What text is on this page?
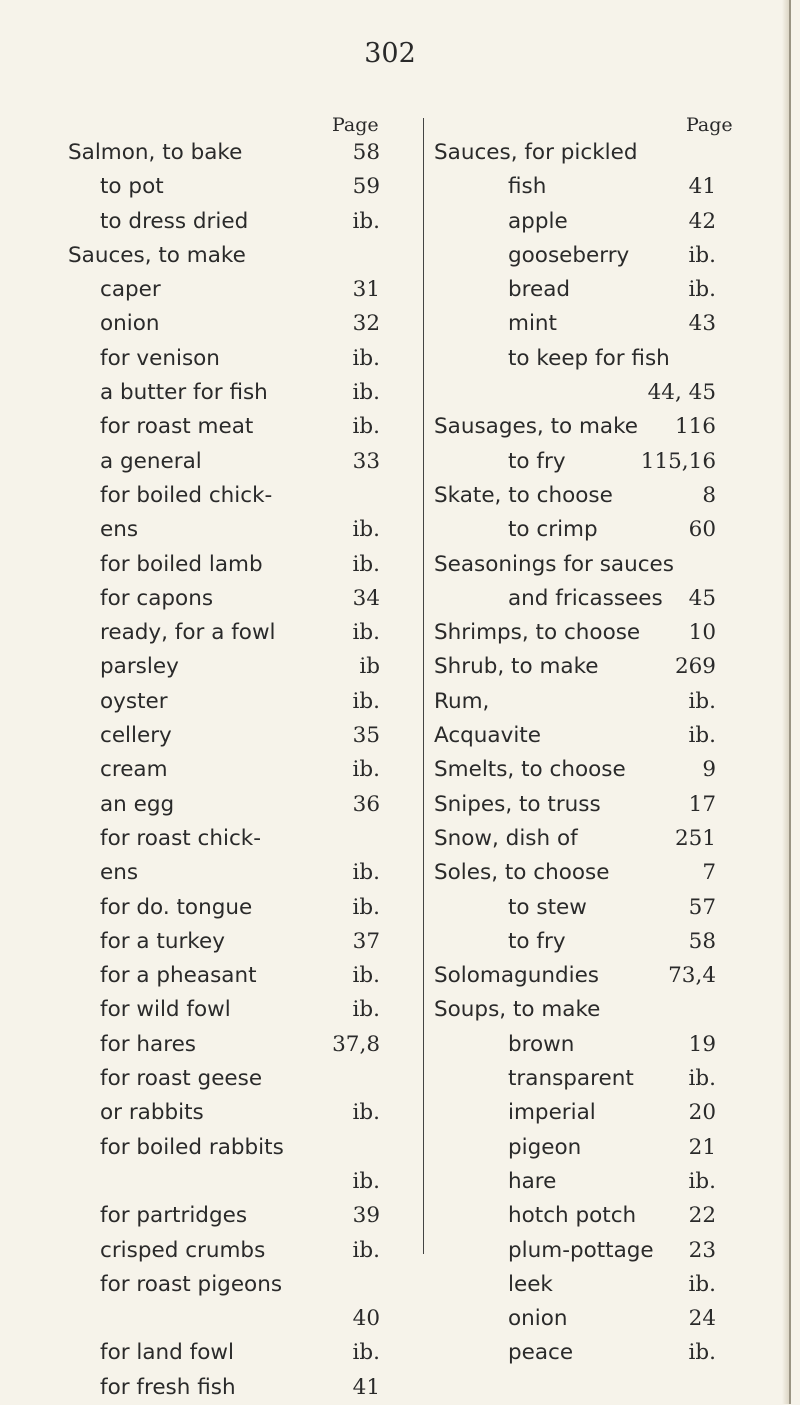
302
Page	Page
Salmon, to bake	58
to pot	59
to dress dried	ib.
Sauces, to make
caper	31
onion	32
for venison	ib.
a butter for fish	ib.
for roast meat	ib.
a general	33
for boiled chick-
ens	ib.
for boiled lamb	ib.
for capons	34
ready, for a fowl	ib.
parsley	ib
oyster	ib.
cellery	35
cream	ib.
an egg	36
for roast chick-
ens	ib.
for do. tongue	ib.
for a turkey	37
for a pheasant	ib.
for wild fowl	ib.
for hares	37,8
for roast geese
or rabbits	ib.
for boiled rabbits
ib.
for partridges	39
crisped crumbs	ib.
for roast pigeons
40
for land fowl	ib.
for fresh fish	41
Sauces, for pickled
fish	41
apple	42
gooseberry	ib.
bread	ib.
mint	43
to keep for fish
44, 45
Sausages, to make 116
to fry	115,16
Skate, to choose	8
to crimp	60
Seasonings for sauces
and fricassees 45
Shrimps, to choose 10
Shrub, to make	269
Rum,	ib.
Acquavite	ib.
Smelts, to choose	9
Snipes, to truss	17
Snow, dish of	251
Soles, to choose	7
to stew	57
to fry	58
Solomagundies	73,4
Soups, to make
brown	19
transparent	ib.
imperial	20
pigeon	21
hare	ib.
hotch potch 22
plum-pottage 23
leek	ib.
onion	24
peace	ib.
